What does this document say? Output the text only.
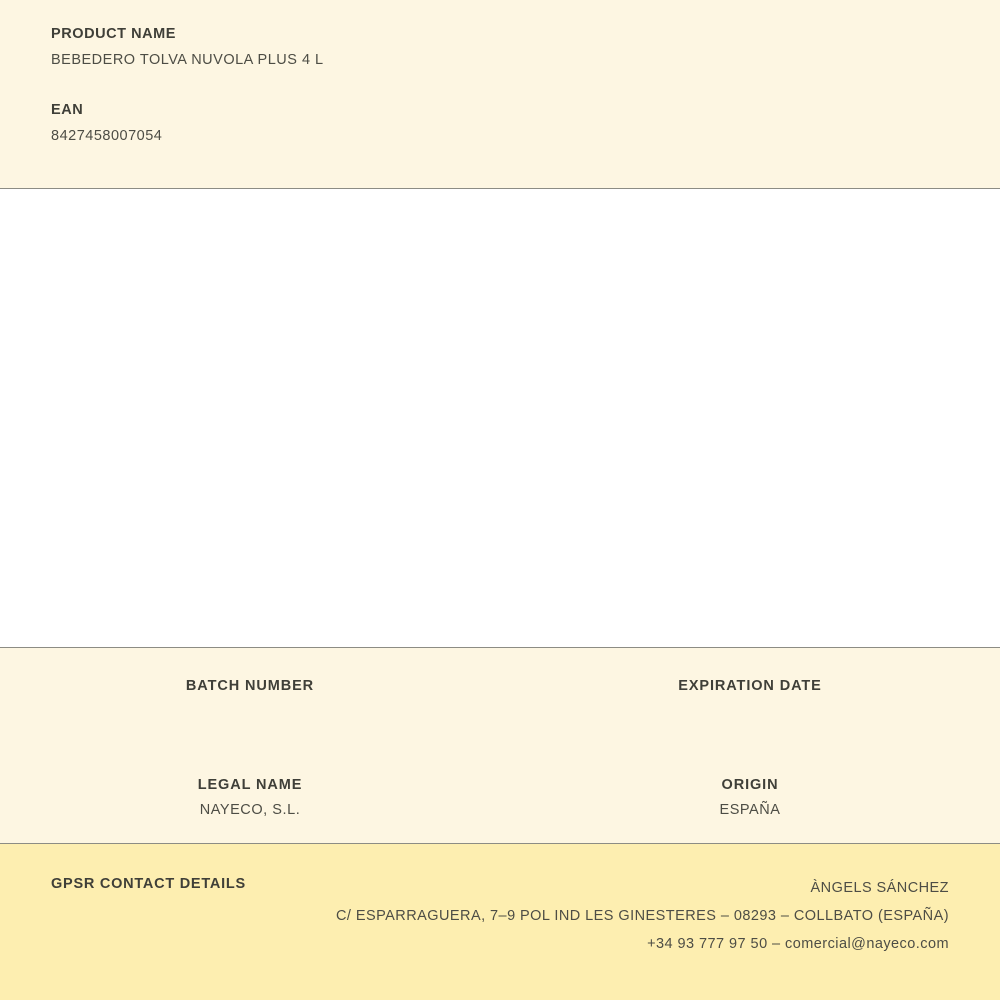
PRODUCT NAME

BEBEDERO TOLVA NUVOLA PLUS 4 L

EAN

8427458007054

BATCH NUMBER	EXPIRATION DATE

LEGAL NAME

NAYECO, S.L.

ORIGIN

ESPAÑA

GPSR CONTACT DETAILS	ÀNGELS SÁNCHEZ
C/ ESPARRAGUERA, 7–9 POL IND LES GINESTERES – 08293 – COLLBATO (ESPAÑA)
+34 93 777 97 50 – comercial@nayeco.com
